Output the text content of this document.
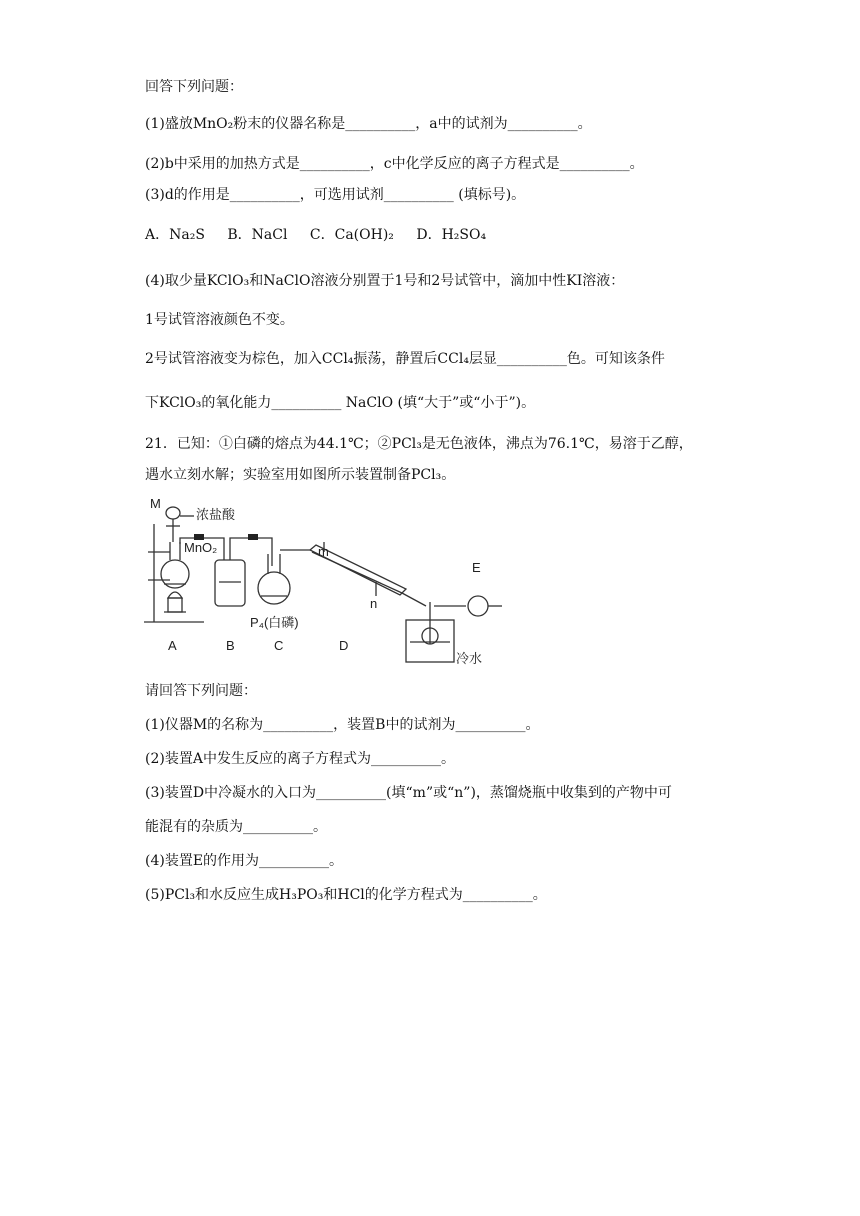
回答下列问题：
(1)盛放MnO₂粉末的仪器名称是__________，a中的试剂为__________。
(2)b中采用的加热方式是__________，c中化学反应的离子方程式是__________。
(3)d的作用是__________，可选用试剂__________ (填标号)。
A．Na₂S B．NaCl C．Ca(OH)₂ D．H₂SO₄
(4)取少量KClO₃和NaClO溶液分别置于1号和2号试管中，滴加中性KI溶液：
1号试管溶液颜色不变。
2号试管溶液变为棕色，加入CCl₄振荡，静置后CCl₄层显__________色。可知该条件
下KClO₃的氧化能力__________ NaClO (填“大于”或“小于”)。
21．已知：①白磷的熔点为44.1℃；②PCl₃是无色液体，沸点为76.1℃，易溶于乙醇，
遇水立刻水解；实验室用如图所示装置制备PCl₃。
M
浓盐酸
MnO₂	m
n
E
P₄(白磷)
冷水
A	B	C	D
请回答下列问题：
(1)仪器M的名称为__________，装置B中的试剂为__________。
(2)装置A中发生反应的离子方程式为__________。
(3)装置D中冷凝水的入口为__________(填“m”或“n”)，蒸馏烧瓶中收集到的产物中可
能混有的杂质为__________。
(4)装置E的作用为__________。
(5)PCl₃和水反应生成H₃PO₃和HCl的化学方程式为__________。
